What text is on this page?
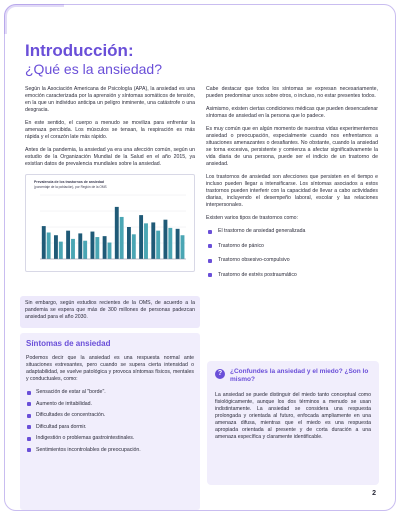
Introducción:
¿Qué es la ansiedad?

Según la Asociación Americana de Psicología (APA), la ansiedad es una emoción caracterizada por la aprensión y síntomas somáticos de tensión, en la que un individuo anticipa un peligro inminente, una catástrofe o una desgracia.

En este sentido, el cuerpo a menudo se moviliza para enfrentar la amenaza percibida. Los músculos se tensan, la respiración es más rápida y el corazón late más rápido.

Antes de la pandemia, la ansiedad ya era una afección común, según un estudio de la Organización Mundial de la Salud en el año 2015, ya existían datos de prevalencia mundiales sobre la ansiedad.

Prevalencia de los trastornos de ansiedad
(porcentaje de la población), por Región de la OMS

Sin embargo, según estudios recientes de la OMS, de acuerdo a la pandemia se espera que más de 300 millones de personas padezcan ansiedad para el año 2030.

Síntomas de ansiedad

Podemos decir que la ansiedad es una respuesta normal ante situaciones estresantes, pero cuando se supera cierta intensidad o adaptabilidad, se vuelve patológica y provoca síntomas físicos, mentales y conductuales, como:

Sensación de estar al "borde".
Aumento de irritabilidad.
Dificultades de concentración.
Dificultad para dormir.
Indigestión o problemas gastrointestinales.
Sentimientos incontrolables de preocupación.

Cabe destacar que todos los síntomas se expresan necesariamente, pueden predominar unos sobre otros, o incluso, no estar presentes todos.

Asimismo, existen ciertas condiciones médicas que pueden desencadenar síntomas de ansiedad en la persona que lo padece.

Es muy común que en algún momento de nuestras vidas experimentemos ansiedad o preocupación, especialmente cuando nos enfrentamos a situaciones amenazantes o desafiantes. No obstante, cuando la ansiedad se torna excesiva, persistente y comienza a afectar significativamente la vida diaria de una persona, puede ser el indicio de un trastorno de ansiedad.

Los trastornos de ansiedad son afecciones que persisten en el tiempo e incluso pueden llegar a intensificarse. Los síntomas asociados a estos trastornos pueden interferir con la capacidad de llevar a cabo actividades diarias, incluyendo el desempeño laboral, escolar y las relaciones interpersonales.

Existen varios tipos de trastornos como:

El trastorno de ansiedad generalizada
Trastorno de pánico
Trastorno obsesivo-compulsivo
Trastorno de estrés postraumático
?	¿Confundes la ansiedad y el miedo? ¿Son lo mismo?

La ansiedad se puede distinguir del miedo tanto conceptual como fisiológicamente, aunque los dos términos a menudo se usan indistintamente. La ansiedad se considera una respuesta prolongada y orientada al futuro, enfocada ampliamente en una amenaza difusa, mientras que el miedo es una respuesta apropiada orientada al presente y de corta duración a una amenaza específica y claramente identificable.

2
